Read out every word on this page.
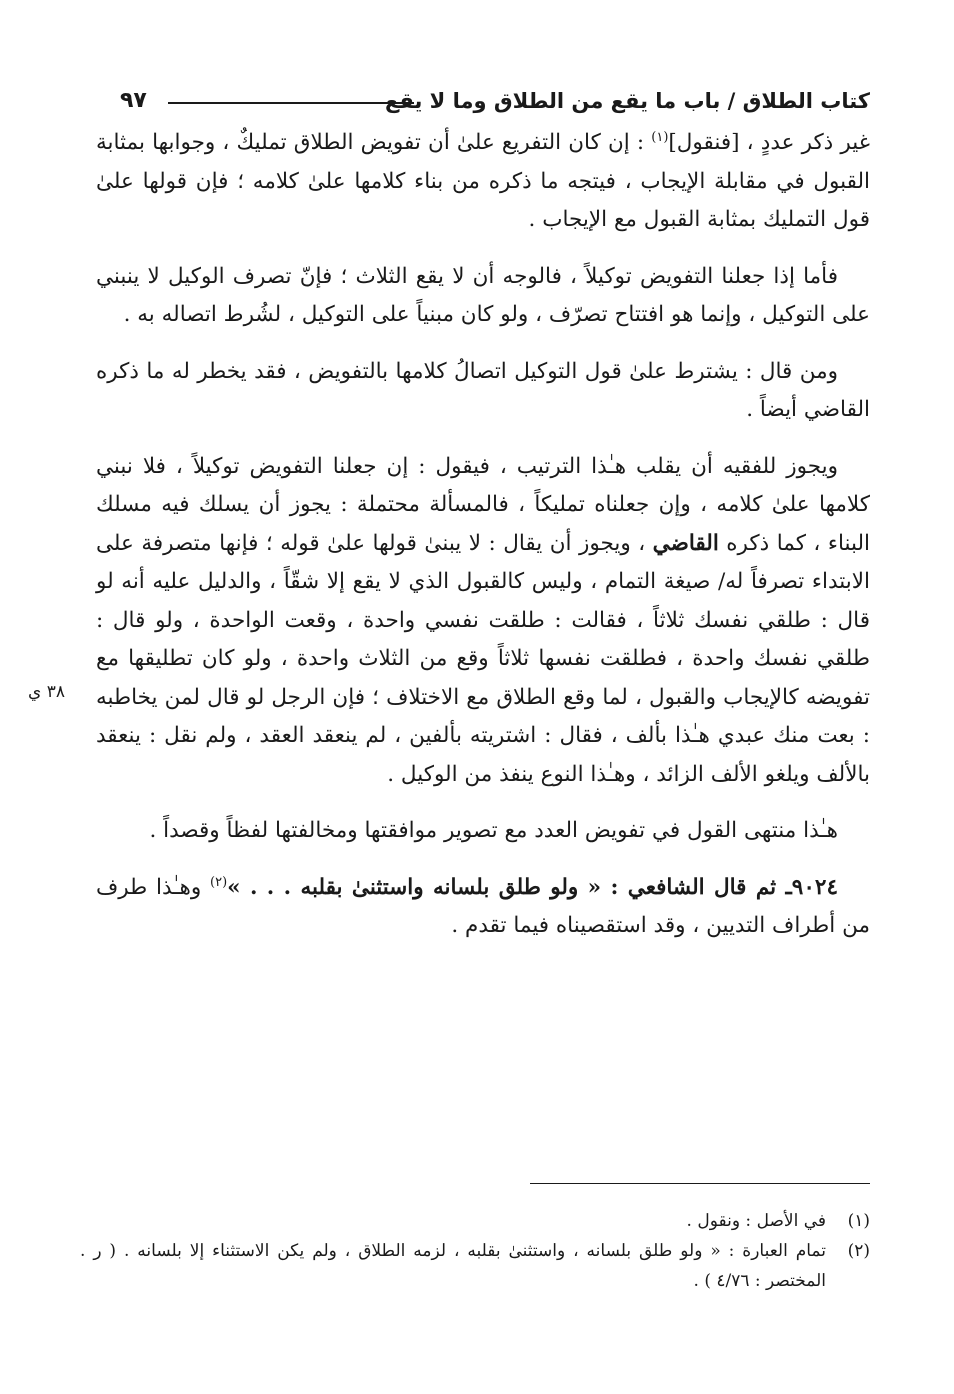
كتاب الطلاق / باب ما يقع من الطلاق وما لا يقع
٩٧
٣٨ ي

غير ذكر عددٍ ، [فنقول]$^{(١)}$ : إن كان التفريع علىٰ أن تفويض الطلاق تمليكٌ ، وجوابها بمثابة القبول في مقابلة الإيجاب ، فيتجه ما ذكره من بناء كلامها علىٰ كلامه ؛ فإن قولها علىٰ قول التمليك بمثابة القبول مع الإيجاب .

فأما إذا جعلنا التفويض توكيلاً ، فالوجه أن لا يقع الثلاث ؛ فإنّ تصرف الوكيل لا ينبني على التوكيل ، وإنما هو افتتاح تصرّف ، ولو كان مبنياً على التوكيل ، لشُرط اتصاله به .

ومن قال : يشترط علىٰ قول التوكيل اتصالُ كلامها بالتفويض ، فقد يخطر له ما ذكره القاضي أيضاً .

ويجوز للفقيه أن يقلب هـٰذا الترتيب ، فيقول : إن جعلنا التفويض توكيلاً ، فلا نبني كلامها علىٰ كلامه ، وإن جعلناه تمليكاً ، فالمسألة محتملة : يجوز أن يسلك فيه مسلك البناء ، كما ذكره القاضي ، ويجوز أن يقال : لا يبنىٰ قولها علىٰ قوله ؛ فإنها متصرفة على الابتداء تصرفاً له/ صيغة التمام ، وليس كالقبول الذي لا يقع إلا شقّاً ، والدليل عليه أنه لو قال : طلقي نفسك ثلاثاً ، فقالت : طلقت نفسي واحدة ، وقعت الواحدة ، ولو قال : طلقي نفسك واحدة ، فطلقت نفسها ثلاثاً وقع من الثلاث واحدة ، ولو كان تطليقها مع تفويضه كالإيجاب والقبول ، لما وقع الطلاق مع الاختلاف ؛ فإن الرجل لو قال لمن يخاطبه : بعت منك عبدي هـٰذا بألف ، فقال : اشتريته بألفين ، لم ينعقد العقد ، ولم نقل : ينعقد بالألف ويلغو الألف الزائد ، وهـٰذا النوع ينفذ من الوكيل .

هـٰذا منتهى القول في تفويض العدد مع تصوير موافقتها ومخالفتها لفظاً وقصداً .

٩٠٢٤ـ ثم قال الشافعي : « ولو طلق بلسانه واستثنىٰ بقلبه . . . »$^{(٢)}$ وهـٰذا طرف من أطراف التديين ، وقد استقصيناه فيما تقدم .

(١)
في الأصل : ونقول .
(٢)
تمام العبارة : « ولو طلق بلسانه ، واستثنىٰ بقلبه ، لزمه الطلاق ، ولم يكن الاستثناء إلا بلسانه . ( ر . المختصر : ٤/٧٦ ) .
